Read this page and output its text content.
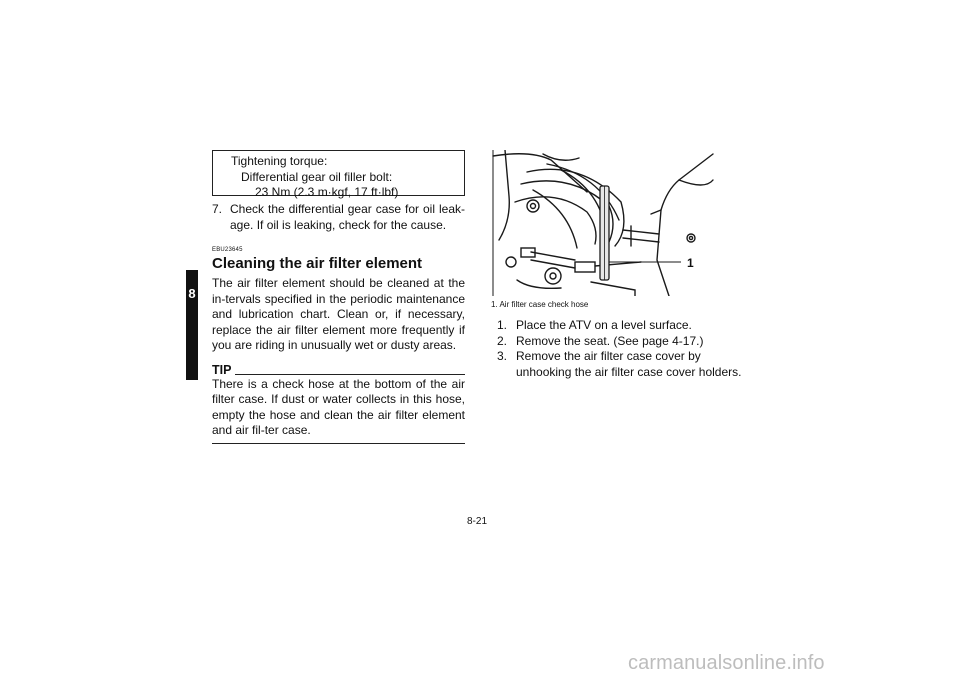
8
Tightening torque:
Differential gear oil filler bolt:
23 Nm (2.3 m·kgf, 17 ft·lbf)
7. Check the differential gear case for oil leak-age. If oil is leaking, check for the cause.
EBU23645
Cleaning the air filter element
The air filter element should be cleaned at the in-tervals specified in the periodic maintenance and lubrication chart. Clean or, if necessary, replace the air filter element more frequently if you are riding in unusually wet or dusty areas.
TIP
There is a check hose at the bottom of the air filter case. If dust or water collects in this hose, empty the hose and clean the air filter element and air fil-ter case.
1
1. Air filter case check hose
1. Place the ATV on a level surface.
2. Remove the seat. (See page 4-17.)
3. Remove the air filter case cover by unhooking the air filter case cover holders.
8-21
carmanualsonline.info
